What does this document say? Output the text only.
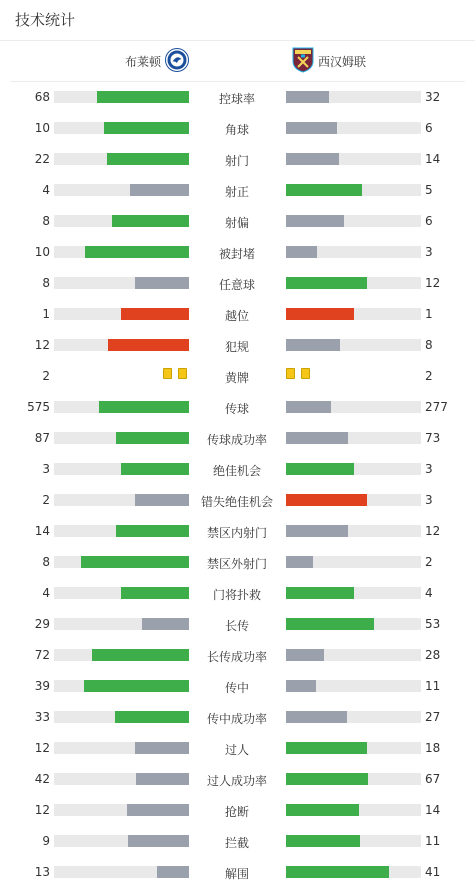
技术统计
布莱顿	西汉姆联
68	控球率	32
10	角球	6
22	射门	14
4	射正	5
8	射偏	6
10	被封堵	3
8	任意球	12
1	越位	1
12	犯规	8
2	黄牌	2
575	传球	277
87	传球成功率	73
3	绝佳机会	3
2	错失绝佳机会	3
14	禁区内射门	12
8	禁区外射门	2
4	门将扑救	4
29	长传	53
72	长传成功率	28
39	传中	11
33	传中成功率	27
12	过人	18
42	过人成功率	67
12	抢断	14
9	拦截	11
13	解围	41
